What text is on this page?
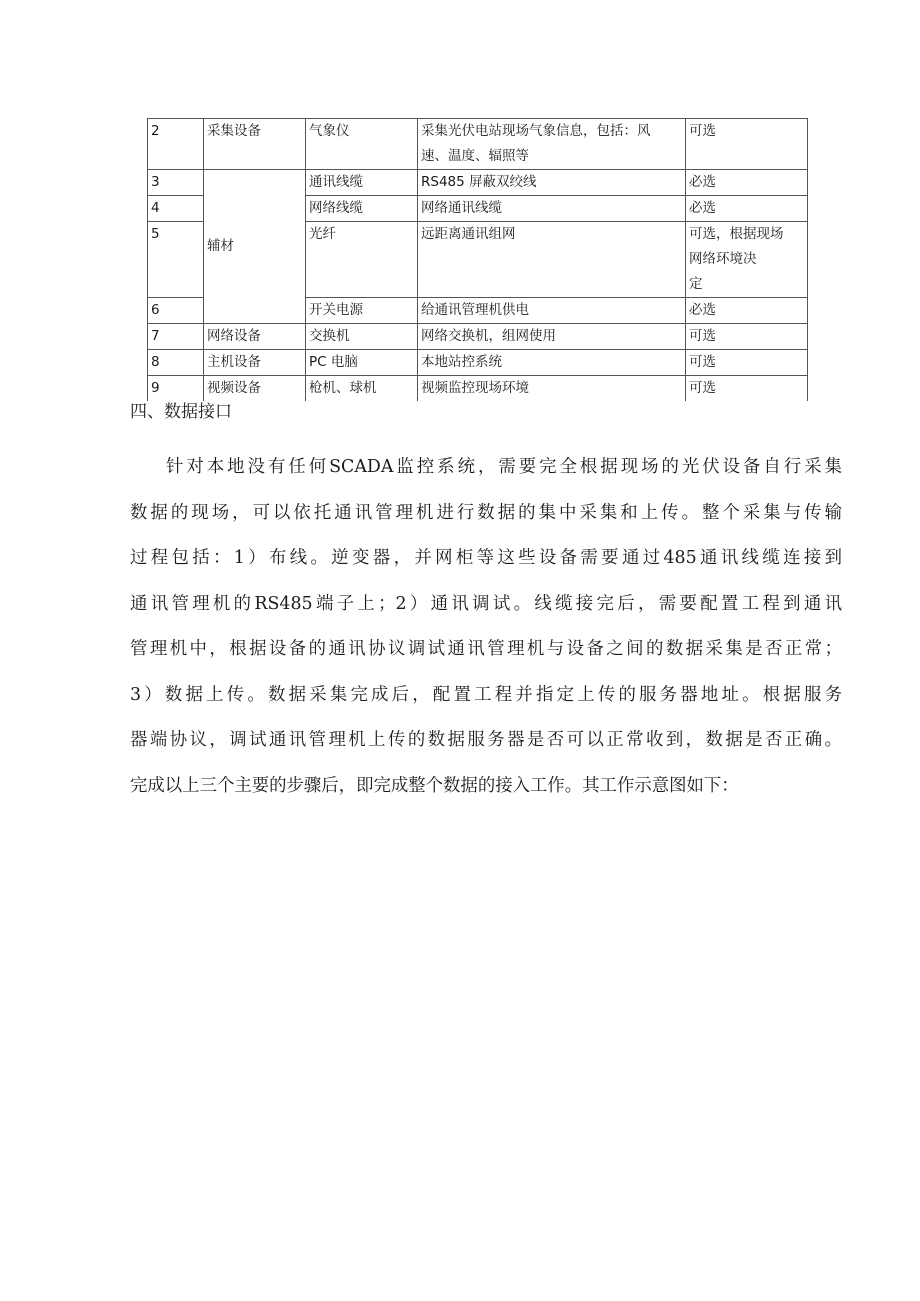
2	采集设备	气象仪	采集光伏电站现场气象信息，包括：风
速、温度、辐照等	可选
3	辅材	通讯线缆	RS485 屏蔽双绞线	必选
4		网络线缆	网络通讯线缆	必选
5		光纤	远距离通讯组网	可选，根据现场
网络环境决
定

6		开关电源	给通讯管理机供电	必选
7	网络设备	交换机	网络交换机，组网使用	可选
8	主机设备	PC 电脑	本地站控系统	可选
9	视频设备	枪机、球机	视频监控现场环境	可选
四、数据接口

针对本地没有任何SCADA监控系统，需要完全根据现场的光伏设备自行采集
数据的现场，可以依托通讯管理机进行数据的集中采集和上传。整个采集与传输
过程包括：1）布线。逆变器，并网柜等这些设备需要通过485通讯线缆连接到
通讯管理机的RS485端子上；2）通讯调试。线缆接完后，需要配置工程到通讯
管理机中，根据设备的通讯协议调试通讯管理机与设备之间的数据采集是否正常；
3）数据上传。数据采集完成后，配置工程并指定上传的服务器地址。根据服务
器端协议，调试通讯管理机上传的数据服务器是否可以正常收到，数据是否正确。
完成以上三个主要的步骤后，即完成整个数据的接入工作。其工作示意图如下：
